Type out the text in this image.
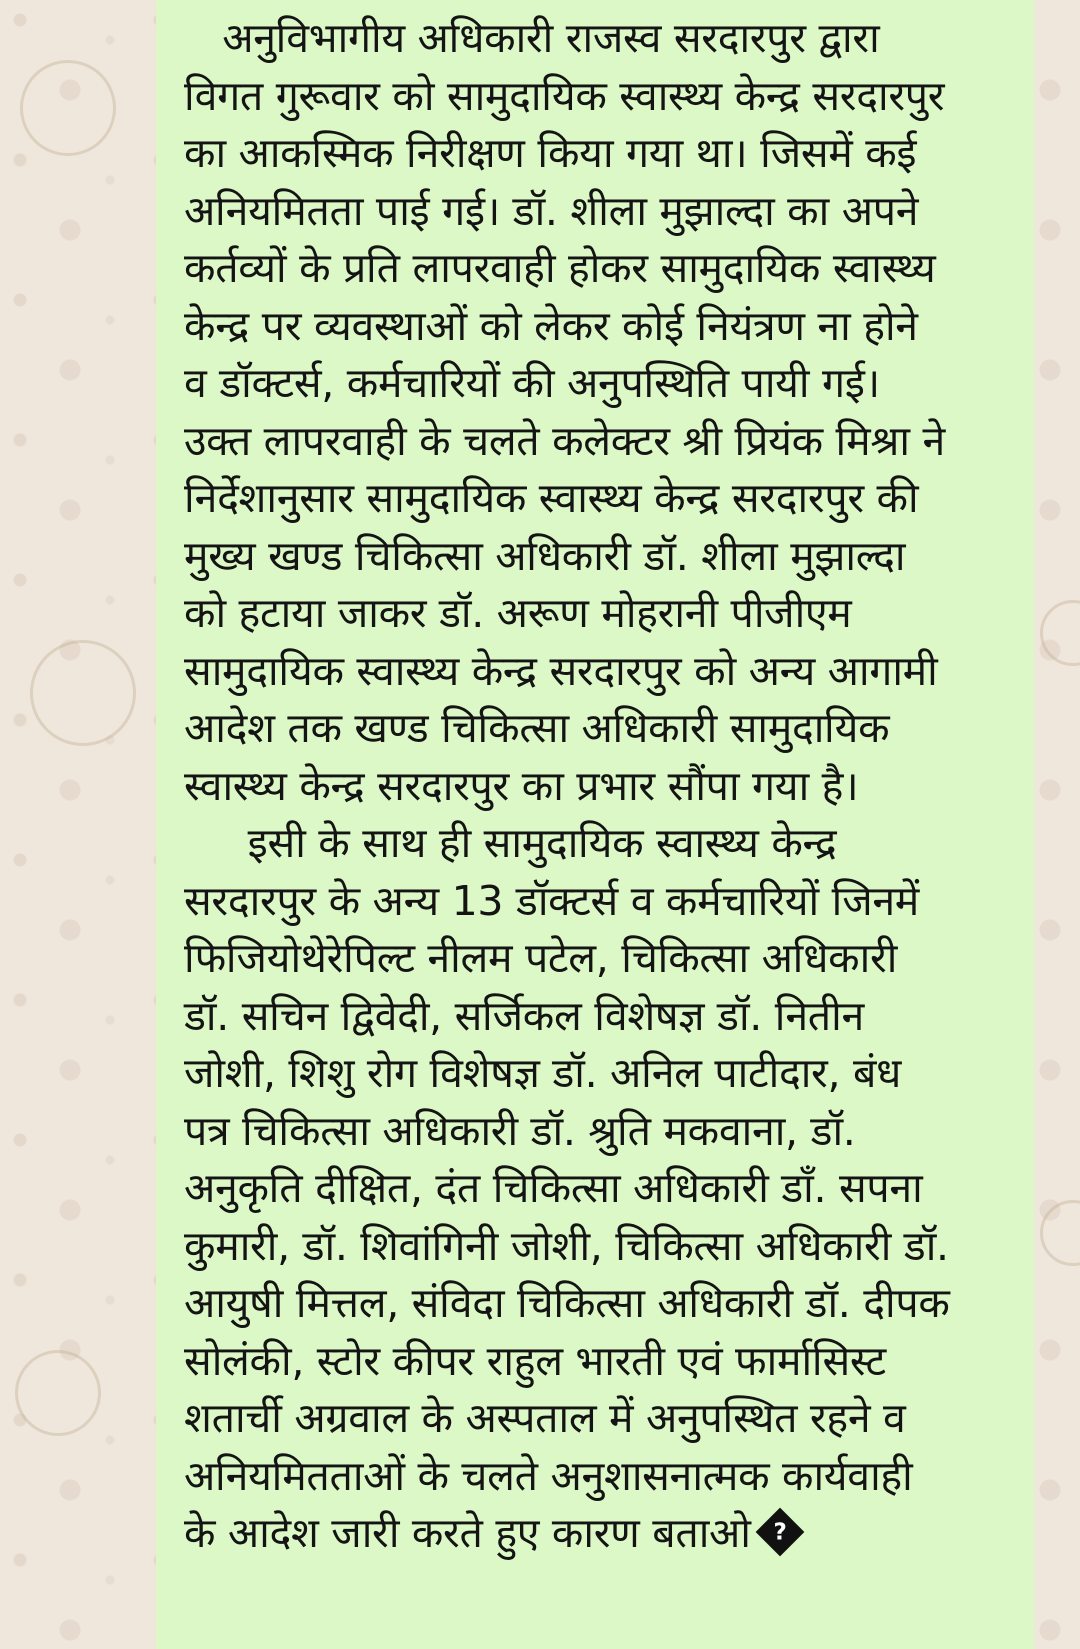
अनुविभागीय अधिकारी राजस्व सरदारपुर द्वारा
विगत गुरूवार को सामुदायिक स्वास्थ्य केन्द्र सरदारपुर
का आकस्मिक निरीक्षण किया गया था। जिसमें कई
अनियमितता पाई गई। डॉ. शीला मुझाल्दा का अपने
कर्तव्यों के प्रति लापरवाही होकर सामुदायिक स्वास्थ्य
केन्द्र पर व्यवस्थाओं को लेकर कोई नियंत्रण ना होने
व डॉक्टर्स, कर्मचारियों की अनुपस्थिति पायी गई।
उक्त लापरवाही के चलते कलेक्टर श्री प्रियंक मिश्रा ने
निर्देशानुसार सामुदायिक स्वास्थ्य केन्द्र सरदारपुर की
मुख्य खण्ड चिकित्सा अधिकारी डॉ. शीला मुझाल्दा
को हटाया जाकर डॉ. अरूण मोहरानी पीजीएम
सामुदायिक स्वास्थ्य केन्द्र सरदारपुर को अन्य आगामी
आदेश तक खण्ड चिकित्सा अधिकारी सामुदायिक
स्वास्थ्य केन्द्र सरदारपुर का प्रभार सौंपा गया है।
इसी के साथ ही सामुदायिक स्वास्थ्य केन्द्र
सरदारपुर के अन्य 13 डॉक्टर्स व कर्मचारियों जिनमें
फिजियोथेरेपिल्ट नीलम पटेल, चिकित्सा अधिकारी
डॉ. सचिन द्विवेदी, सर्जिकल विशेषज्ञ डॉ. नितीन
जोशी, शिशु रोग विशेषज्ञ डॉ. अनिल पाटीदार, बंध
पत्र चिकित्सा अधिकारी डॉ. श्रुति मकवाना, डॉ.
अनुकृति दीक्षित, दंत चिकित्सा अधिकारी डॉं. सपना
कुमारी, डॉ. शिवांगिनी जोशी, चिकित्सा अधिकारी डॉ.
आयुषी मित्तल, संविदा चिकित्सा अधिकारी डॉ. दीपक
सोलंकी, स्टोर कीपर राहुल भारती एवं फार्मासिस्ट
शतार्ची अग्रवाल के अस्पताल में अनुपस्थित रहने व
अनियमितताओं के चलते अनुशासनात्मक कार्यवाही
के आदेश जारी करते हुए कारण बताओ ?
